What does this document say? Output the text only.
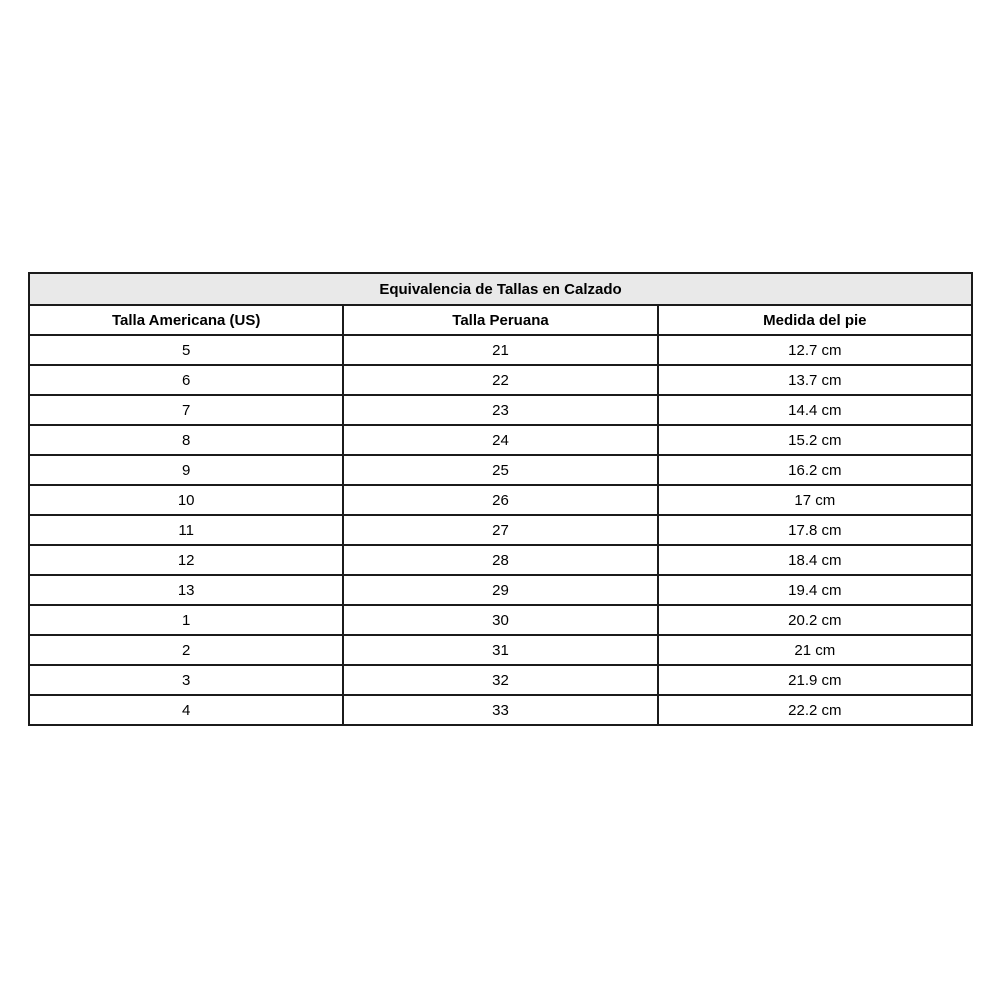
Equivalencia de Tallas en Calzado		
Talla Americana (US)	Talla Peruana	Medida del pie
5	21	12.7 cm
6	22	13.7 cm
7	23	14.4 cm
8	24	15.2 cm
9	25	16.2 cm
10	26	17 cm
11	27	17.8 cm
12	28	18.4 cm
13	29	19.4 cm
1	30	20.2 cm
2	31	21 cm
3	32	21.9 cm
4	33	22.2 cm
